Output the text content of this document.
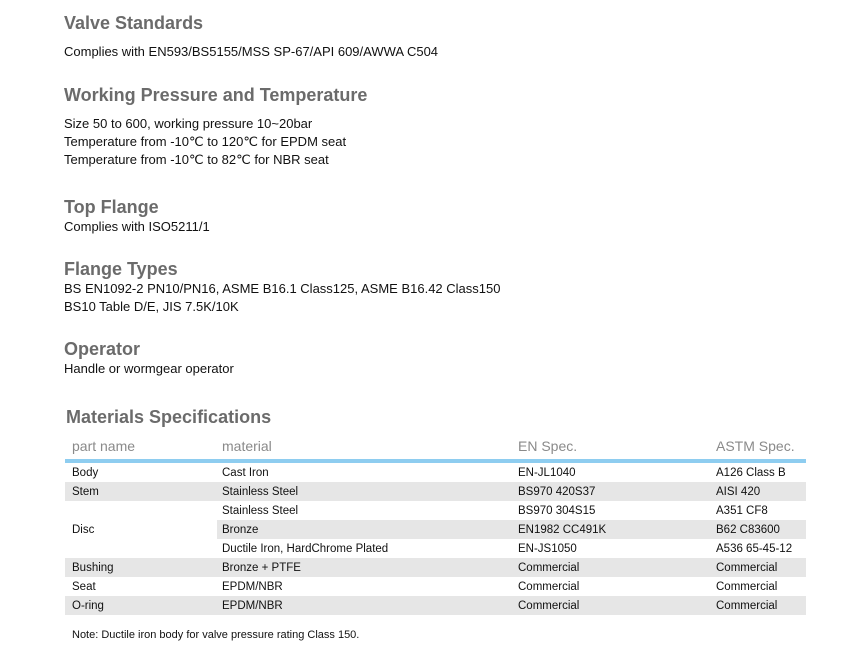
Valve Standards

Complies with EN593/BS5155/MSS SP-67/API 609/AWWA C504

Working Pressure and Temperature

Size 50 to 600, working pressure 10~20bar

Temperature from -10℃ to 120℃ for EPDM seat

Temperature from -10℃ to 82℃ for NBR seat

Top Flange

Complies with ISO5211/1

Flange Types

BS EN1092-2 PN10/PN16, ASME B16.1 Class125, ASME B16.42 Class150

BS10 Table D/E, JIS 7.5K/10K

Operator

Handle or wormgear operator

Materials Specifications
part name	material	EN Spec.	ASTM Spec.
Body	Cast Iron	EN-JL1040	A126 Class B
Stem	Stainless Steel	BS970 420S37	AISI 420
Disc	Stainless Steel	BS970 304S15	A351 CF8
	Bronze	EN1982 CC491K	B62 C83600
	Ductile Iron, HardChrome Plated	EN-JS1050	A536 65-45-12
Bushing	Bronze + PTFE	Commercial	Commercial
Seat	EPDM/NBR	Commercial	Commercial
O-ring	EPDM/NBR	Commercial	Commercial

Note: Ductile iron body for valve pressure rating Class 150.
